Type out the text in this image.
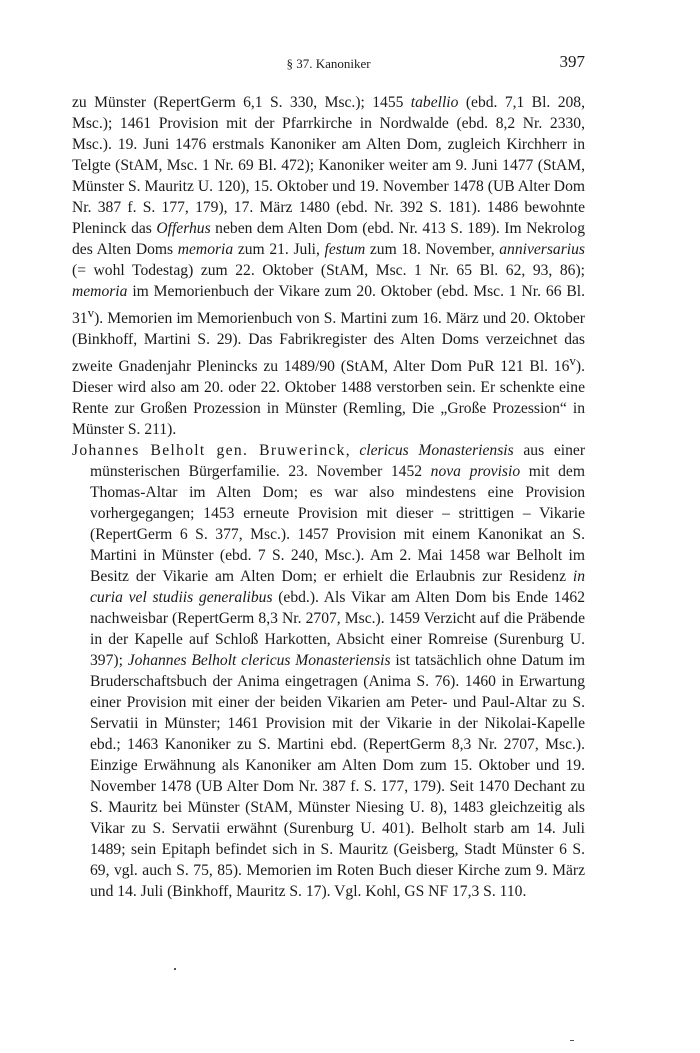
§ 37. Kanoniker	397

zu Münster (RepertGerm 6,1 S. 330, Msc.); 1455 tabellio (ebd. 7,1 Bl. 208, Msc.); 1461 Provision mit der Pfarrkirche in Nordwalde (ebd. 8,2 Nr. 2330, Msc.). 19. Juni 1476 erstmals Kanoniker am Alten Dom, zugleich Kirchherr in Telgte (StAM, Msc. 1 Nr. 69 Bl. 472); Kanoniker weiter am 9. Juni 1477 (StAM, Münster S. Mauritz U. 120), 15. Oktober und 19. November 1478 (UB Alter Dom Nr. 387 f. S. 177, 179), 17. März 1480 (ebd. Nr. 392 S. 181). 1486 bewohnte Pleninck das Offerhus neben dem Alten Dom (ebd. Nr. 413 S. 189). Im Nekrolog des Alten Doms memoria zum 21. Juli, festum zum 18. November, anniversarius (= wohl Todestag) zum 22. Oktober (StAM, Msc. 1 Nr. 65 Bl. 62, 93, 86); memoria im Memorienbuch der Vikare zum 20. Oktober (ebd. Msc. 1 Nr. 66 Bl. 31$^v$). Memorien im Memorienbuch von S. Martini zum 16. März und 20. Oktober (Binkhoff, Martini S. 29). Das Fabrikregister des Alten Doms verzeichnet das zweite Gnadenjahr Plenincks zu 1489/90 (StAM, Alter Dom PuR 121 Bl. 16$^v$). Dieser wird also am 20. oder 22. Oktober 1488 verstorben sein. Er schenkte eine Rente zur Großen Prozession in Münster (Remling, Die „Große Prozession“ in Münster S. 211).

Johannes Belholt gen. Bruwerinck, clericus Monasteriensis aus einer münsterischen Bürgerfamilie. 23. November 1452 nova provisio mit dem Thomas-Altar im Alten Dom; es war also mindestens eine Provision vorhergegangen; 1453 erneute Provision mit dieser – strittigen – Vikarie (RepertGerm 6 S. 377, Msc.). 1457 Provision mit einem Kanonikat an S. Martini in Münster (ebd. 7 S. 240, Msc.). Am 2. Mai 1458 war Belholt im Besitz der Vikarie am Alten Dom; er erhielt die Erlaubnis zur Residenz in curia vel studiis generalibus (ebd.). Als Vikar am Alten Dom bis Ende 1462 nachweisbar (RepertGerm 8,3 Nr. 2707, Msc.). 1459 Verzicht auf die Präbende in der Kapelle auf Schloß Harkotten, Absicht einer Romreise (Surenburg U. 397); Johannes Belholt clericus Monasteriensis ist tatsächlich ohne Datum im Bruderschaftsbuch der Anima eingetragen (Anima S. 76). 1460 in Erwartung einer Provision mit einer der beiden Vikarien am Peter- und Paul-Altar zu S. Servatii in Münster; 1461 Provision mit der Vikarie in der Nikolai-Kapelle ebd.; 1463 Kanoniker zu S. Martini ebd. (RepertGerm 8,3 Nr. 2707, Msc.). Einzige Erwähnung als Kanoniker am Alten Dom zum 15. Oktober und 19. November 1478 (UB Alter Dom Nr. 387 f. S. 177, 179). Seit 1470 Dechant zu S. Mauritz bei Münster (StAM, Münster Niesing U. 8), 1483 gleichzeitig als Vikar zu S. Servatii erwähnt (Surenburg U. 401). Belholt starb am 14. Juli 1489; sein Epitaph befindet sich in S. Mauritz (Geisberg, Stadt Münster 6 S. 69, vgl. auch S. 75, 85). Memorien im Roten Buch dieser Kirche zum 9. März und 14. Juli (Binkhoff, Mauritz S. 17). Vgl. Kohl, GS NF 17,3 S. 110.
